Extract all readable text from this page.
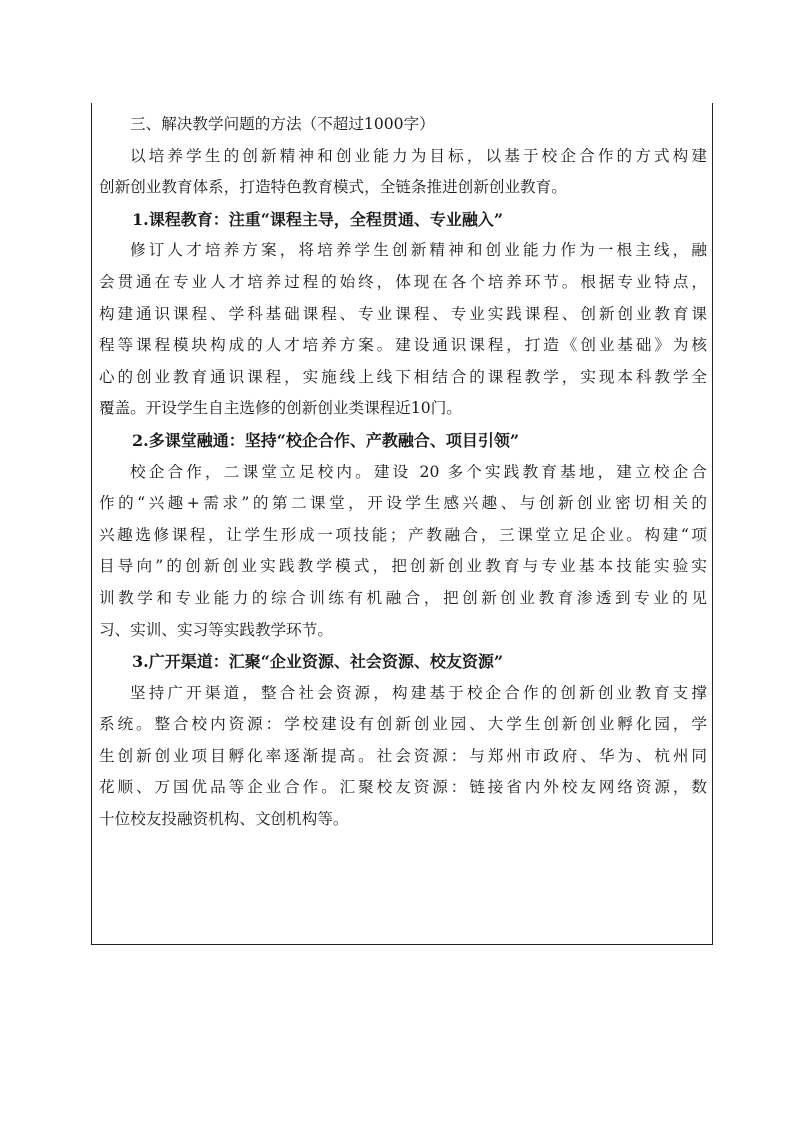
三、解决教学问题的方法（不超过1000字）
以培养学生的创新精神和创业能力为目标，以基于校企合作的方式构建
创新创业教育体系，打造特色教育模式，全链条推进创新创业教育。
1.课程教育：注重“课程主导，全程贯通、专业融入”
修订人才培养方案，将培养学生创新精神和创业能力作为一根主线，融
会贯通在专业人才培养过程的始终，体现在各个培养环节。根据专业特点，
构建通识课程、学科基础课程、专业课程、专业实践课程、创新创业教育课
程等课程模块构成的人才培养方案。建设通识课程，打造《创业基础》为核
心的创业教育通识课程，实施线上线下相结合的课程教学，实现本科教学全
覆盖。开设学生自主选修的创新创业类课程近10门。
2.多课堂融通：坚持“校企合作、产教融合、项目引领”
校企合作，二课堂立足校内。建设 20 多个实践教育基地，建立校企合
作的“兴趣+需求”的第二课堂，开设学生感兴趣、与创新创业密切相关的
兴趣选修课程，让学生形成一项技能；产教融合，三课堂立足企业。构建“项
目导向”的创新创业实践教学模式，把创新创业教育与专业基本技能实验实
训教学和专业能力的综合训练有机融合，把创新创业教育渗透到专业的见
习、实训、实习等实践教学环节。
3.广开渠道：汇聚“企业资源、社会资源、校友资源”
坚持广开渠道，整合社会资源，构建基于校企合作的创新创业教育支撑
系统。整合校内资源：学校建设有创新创业园、大学生创新创业孵化园，学
生创新创业项目孵化率逐渐提高。社会资源：与郑州市政府、华为、杭州同
花顺、万国优品等企业合作。汇聚校友资源：链接省内外校友网络资源，数
十位校友投融资机构、文创机构等。
